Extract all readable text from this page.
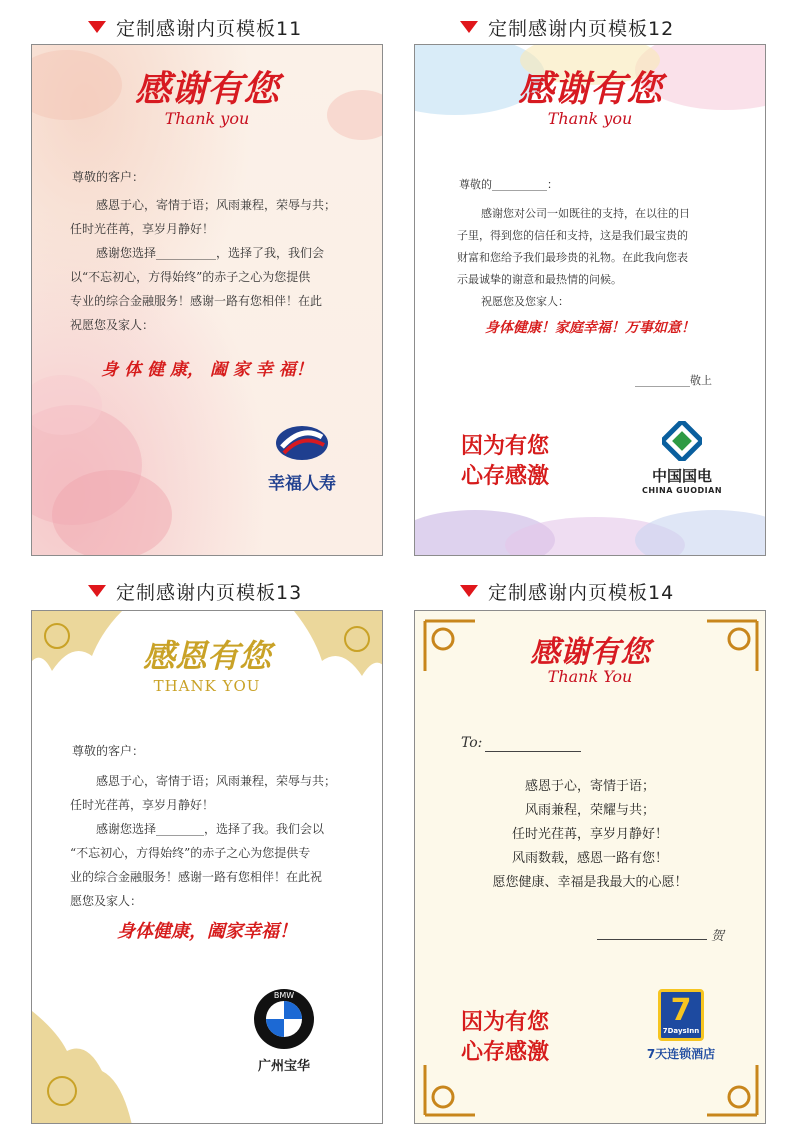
定制感谢内页模板11
感谢有您
Thank you
尊敬的客户：
感恩于心，寄情于语；风雨兼程，荣辱与共；
任时光荏苒，享岁月静好！
感谢您选择__________，选择了我，我们会
以“不忘初心，方得始终”的赤子之心为您提供
专业的综合金融服务！感谢一路有您相伴！在此
祝愿您及家人：
身 体 健 康， 阖 家 幸 福！
幸福人寿
定制感谢内页模板12
感谢有您
Thank you
尊敬的__________：
感谢您对公司一如既往的支持，在以往的日
子里，得到您的信任和支持，这是我们最宝贵的
财富和您给予我们最珍贵的礼物。在此我向您表
示最诚挚的谢意和最热情的问候。
祝愿您及您家人：
身体健康！家庭幸福！万事如意！
__________敬上
因为有您
心存感激	中国国电
CHINA GUODIAN
定制感谢内页模板13
感恩有您
THANK YOU
尊敬的客户：
感恩于心，寄情于语；风雨兼程，荣辱与共；
任时光荏苒，享岁月静好！
感谢您选择________，选择了我。我们会以
“不忘初心，方得始终”的赤子之心为您提供专
业的综合金融服务！感谢一路有您相伴！在此祝
愿您及家人：
身体健康，阖家幸福！
BMW
广州宝华
定制感谢内页模板14
感谢有您
Thank You
To:
感恩于心，寄情于语；
风雨兼程，荣耀与共；
任时光荏苒，享岁月静好！
风雨数载，感恩一路有您！
愿您健康、幸福是我最大的心愿！
贺
因为有您
心存感激
7
7DaysInn
7天连锁酒店
